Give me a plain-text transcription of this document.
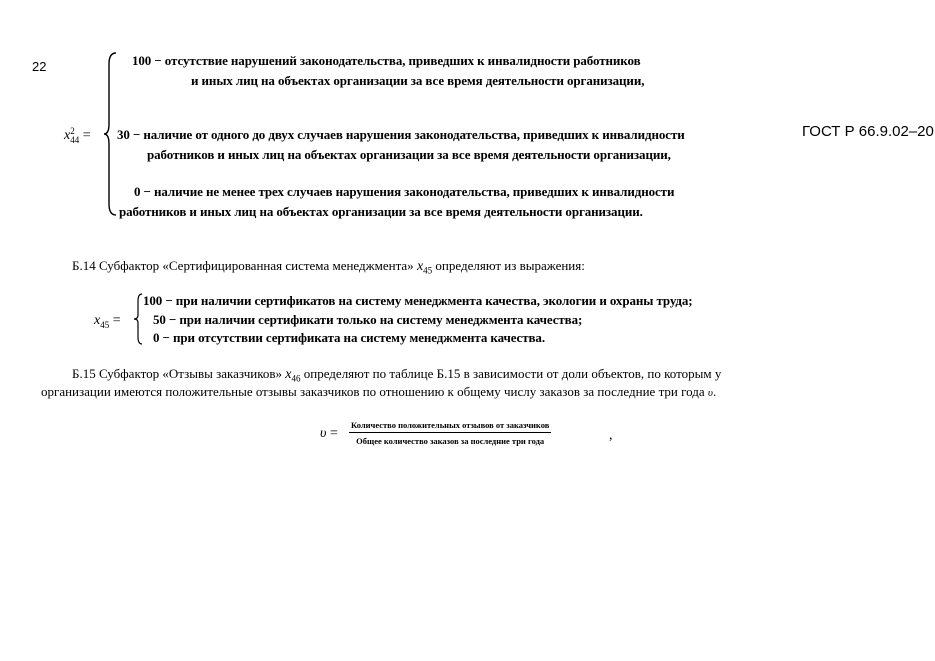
22
ГОСТ Р 66.9.02–20
x 2
44 =
100 − отсутствие нарушений законодательства, приведших к инвалидности работников
и иных лиц на объектах организации за все время деятельности организации,
30 − наличие от одного до двух случаев нарушения законодательства, приведших к инвалидности
работников и иных лиц на объектах организации за все время деятельности организации,
0 − наличие не менее трех случаев нарушения законодательства, приведших к инвалидности
работников и иных лиц на объектах организации за все время деятельности организации.
Б.14 Субфактор «Сертифицированная система менеджмента» $x_{45}$ определяют из выражения:
$x_{45}$ =
100 − при наличии сертификатов на систему менеджмента качества, экологии и охраны труда;
50 − при наличии сертификати только на систему менеджмента качества;
0 − при отсутствии сертификата на систему менеджмента качества.
Б.15 Субфактор «Отзывы заказчиков» $x_{46}$ определяют по таблице Б.15 в зависимости от доли объектов, по которым у
организации имеются положительные отзывы заказчиков по отношению к общему числу заказов за последние три года υ.
υ =
Количество положительных отзывов от заказчиков
Общее количество заказов за последние три года	,
